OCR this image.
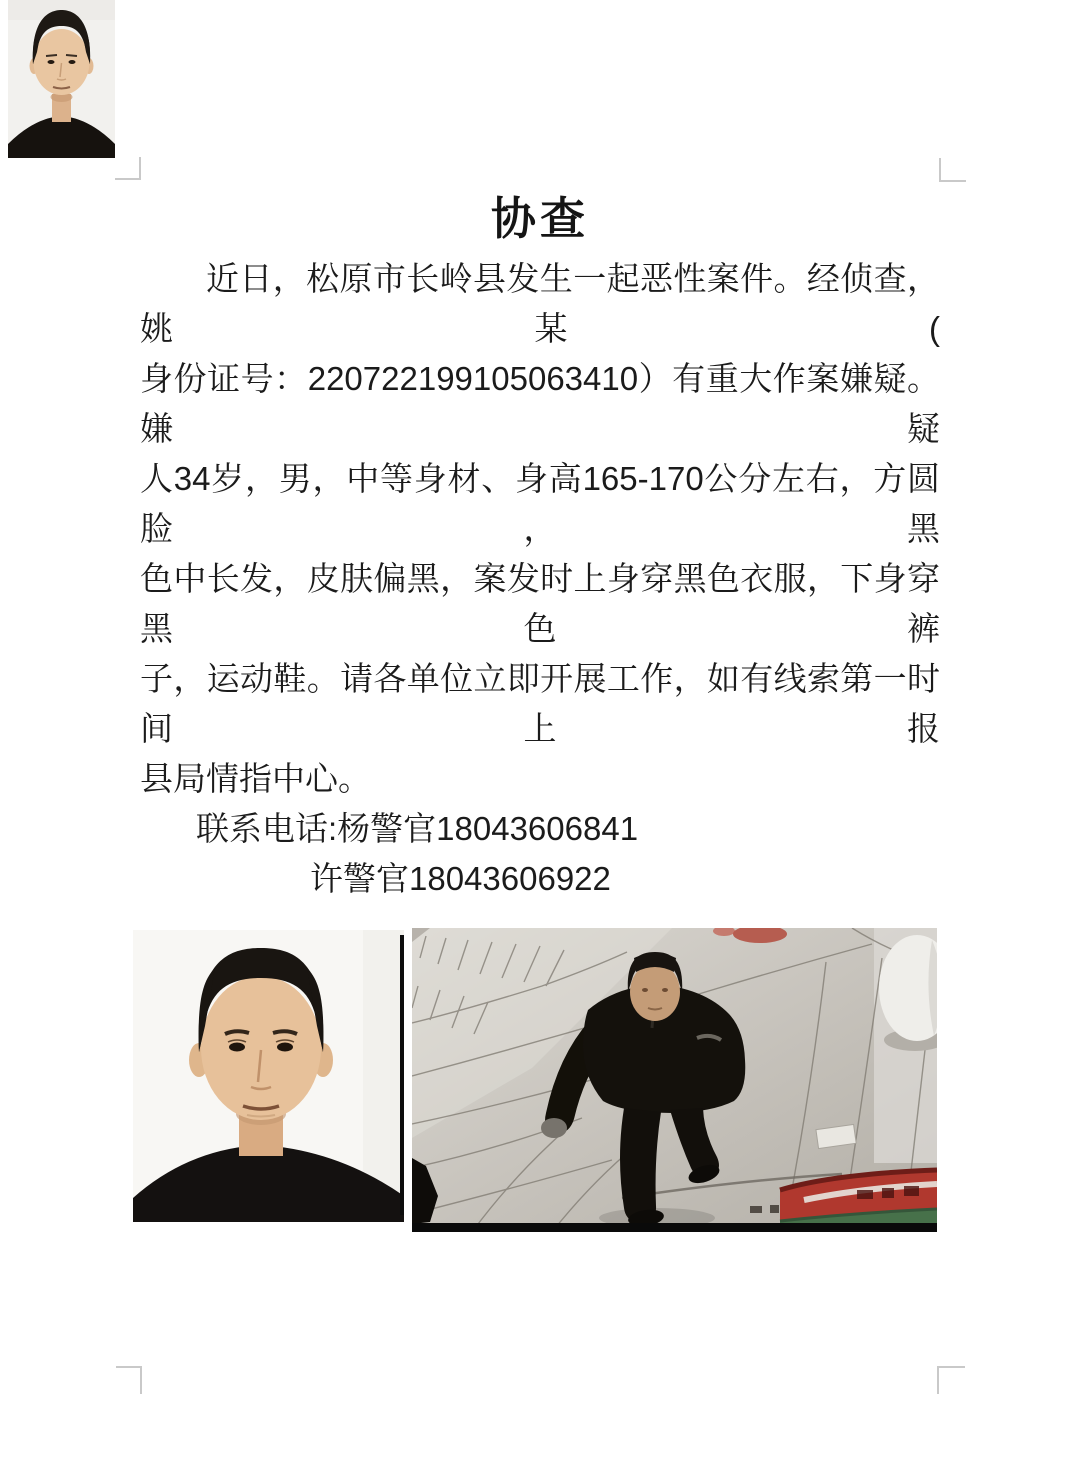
协查

近日，松原市长岭县发生一起恶性案件。经侦查，姚某(

身份证号：220722199105063410）有重大作案嫌疑。嫌疑

人34岁，男，中等身材、身高165-170公分左右，方圆脸，黑

色中长发，皮肤偏黑，案发时上身穿黑色衣服，下身穿黑色裤

子，运动鞋。请各单位立即开展工作，如有线索第一时间上报

县局情指中心。

联系电话:杨警官18043606841

许警官18043606922
